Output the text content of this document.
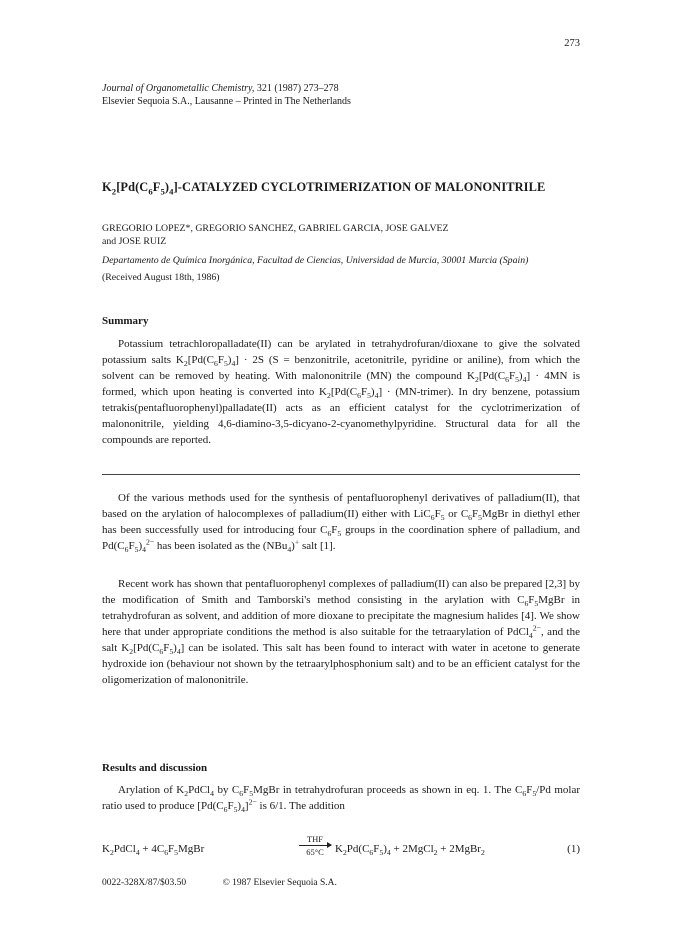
273
Journal of Organometallic Chemistry, 321 (1987) 273–278
Elsevier Sequoia S.A., Lausanne – Printed in The Netherlands
$K_2[Pd(C_6F_5)_4]$-CATALYZED CYCLOTRIMERIZATION OF MALONONITRILE
GREGORIO LOPEZ*, GREGORIO SANCHEZ, GABRIEL GARCIA, JOSE GALVEZ
and JOSE RUIZ
Departamento de Química Inorgánica, Facultad de Ciencias, Universidad de Murcia, 30001 Murcia (Spain)
(Received August 18th, 1986)
Summary

Potassium tetrachloropalladate(II) can be arylated in tetrahydrofuran/dioxane to give the solvated potassium salts $K_2[Pd(C_6F_5)_4] \cdot 2S$ (S = benzonitrile, acetonitrile, pyridine or aniline), from which the solvent can be removed by heating. With malononitrile (MN) the compound $K_2[Pd(C_6F_5)_4] \cdot 4MN$ is formed, which upon heating is converted into $K_2[Pd(C_6F_5)_4]$ · (MN-trimer). In dry benzene, potassium tetrakis(pentafluorophenyl)palladate(II) acts as an efficient catalyst for the cyclotrimerization of malononitrile, yielding 4,6-diamino-3,5-dicyano-2-cyanomethylpyridine. Structural data for all the compounds are reported.

Of the various methods used for the synthesis of pentafluorophenyl derivatives of palladium(II), that based on the arylation of halocomplexes of palladium(II) either with $LiC_6F_5$ or $C_6F_5MgBr$ in diethyl ether has been successfully used for introducing four $C_6F_5$ groups in the coordination sphere of palladium, and $Pd(C_6F_5)_4^{2-}$ has been isolated as the (NBu$_4$)+ salt [1].

Recent work has shown that pentafluorophenyl complexes of palladium(II) can also be prepared [2,3] by the modification of Smith and Tamborski's method consisting in the arylation with $C_6F_5MgBr$ in tetrahydrofuran as solvent, and addition of more dioxane to precipitate the magnesium halides [4]. We show here that under appropriate conditions the method is also suitable for the tetraarylation of PdCl$_4^{2-}$, and the salt $K_2[Pd(C_6F_5)_4]$ can be isolated. This salt has been found to interact with water in acetone to generate hydroxide ion (behaviour not shown by the tetraarylphosphonium salt) and to be an efficient catalyst for the oligomerization of malononitrile.

Results and discussion

Arylation of $K_2PdCl_4$ by $C_6F_5MgBr$ in tetrahydrofuran proceeds as shown in eq. 1. The $C_6F_5/Pd$ molar ratio used to produce $[Pd(C_6F_5)_4]^{2-}$ is 6/1. The addition

$K_2PdCl_4$ + $4C_6F_5MgBr$
THF
65°C	$K_2Pd(C_6F_5)_4$ + 2MgCl$_2$ + 2MgBr$_2$	(1)
0022-328X/87/$03.50	© 1987 Elsevier Sequoia S.A.
